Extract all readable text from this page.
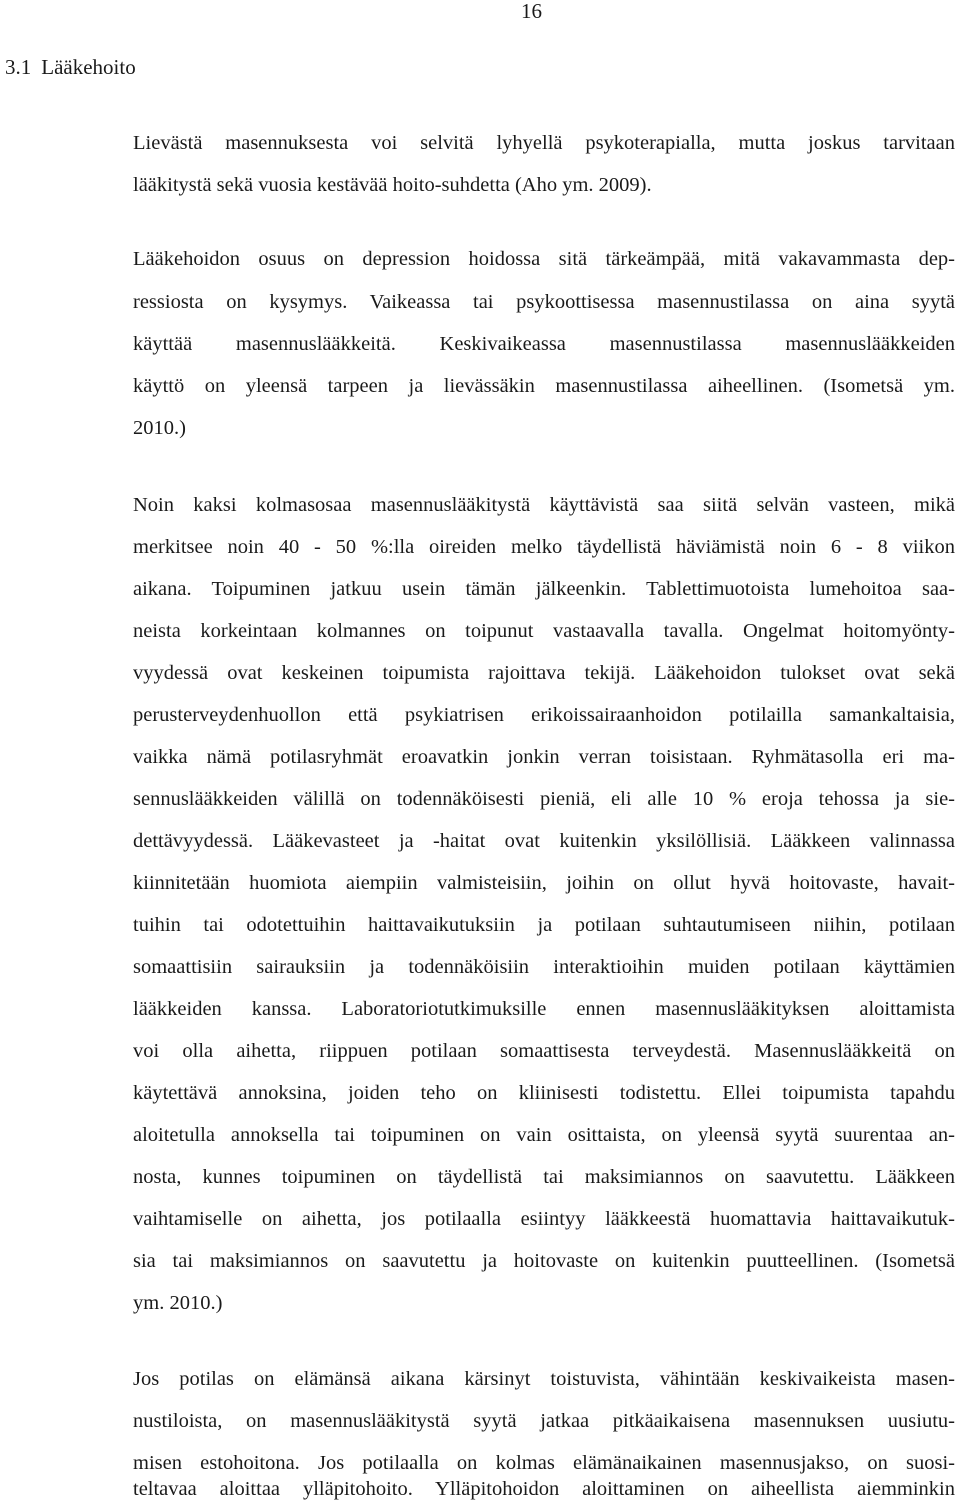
16
3.1 Lääkehoito
Lievästä masennuksesta voi selvitä lyhyellä psykoterapialla, mutta joskus tarvitaan
lääkitystä sekä vuosia kestävää hoito-suhdetta (Aho ym. 2009).
Lääkehoidon osuus on depression hoidossa sitä tärkeämpää, mitä vakavammasta dep-
ressiosta on kysymys. Vaikeassa tai psykoottisessa masennustilassa on aina syytä
käyttää masennuslääkkeitä. Keskivaikeassa masennustilassa masennuslääkkeiden
käyttö on yleensä tarpeen ja lievässäkin masennustilassa aiheellinen. (Isometsä ym.
2010.)
Noin kaksi kolmasosaa masennuslääkitystä käyttävistä saa siitä selvän vasteen, mikä
merkitsee noin 40 - 50 %:lla oireiden melko täydellistä häviämistä noin 6 - 8 viikon
aikana. Toipuminen jatkuu usein tämän jälkeenkin. Tablettimuotoista lumehoitoa saa-
neista korkeintaan kolmannes on toipunut vastaavalla tavalla. Ongelmat hoitomyönty-
vyydessä ovat keskeinen toipumista rajoittava tekijä. Lääkehoidon tulokset ovat sekä
perusterveydenhuollon että psykiatrisen erikoissairaanhoidon potilailla samankaltaisia,
vaikka nämä potilasryhmät eroavatkin jonkin verran toisistaan. Ryhmätasolla eri ma-
sennuslääkkeiden välillä on todennäköisesti pieniä, eli alle 10 % eroja tehossa ja sie-
dettävyydessä. Lääkevasteet ja -haitat ovat kuitenkin yksilöllisiä. Lääkkeen valinnassa
kiinnitetään huomiota aiempiin valmisteisiin, joihin on ollut hyvä hoitovaste, havait-
tuihin tai odotettuihin haittavaikutuksiin ja potilaan suhtautumiseen niihin, potilaan
somaattisiin sairauksiin ja todennäköisiin interaktioihin muiden potilaan käyttämien
lääkkeiden kanssa. Laboratoriotutkimuksille ennen masennuslääkityksen aloittamista
voi olla aihetta, riippuen potilaan somaattisesta terveydestä. Masennuslääkkeitä on
käytettävä annoksina, joiden teho on kliinisesti todistettu. Ellei toipumista tapahdu
aloitetulla annoksella tai toipuminen on vain osittaista, on yleensä syytä suurentaa an-
nosta, kunnes toipuminen on täydellistä tai maksimiannos on saavutettu. Lääkkeen
vaihtamiselle on aihetta, jos potilaalla esiintyy lääkkeestä huomattavia haittavaikutuk-
sia tai maksimiannos on saavutettu ja hoitovaste on kuitenkin puutteellinen. (Isometsä
ym. 2010.)
Jos potilas on elämänsä aikana kärsinyt toistuvista, vähintään keskivaikeista masen-
nustiloista, on masennuslääkitystä syytä jatkaa pitkäaikaisena masennuksen uusiutu-
misen estohoitona. Jos potilaalla on kolmas elämänaikainen masennusjakso, on suosi-
teltavaa aloittaa ylläpitohoito. Ylläpitohoidon aloittaminen on aiheellista aiemminkin
